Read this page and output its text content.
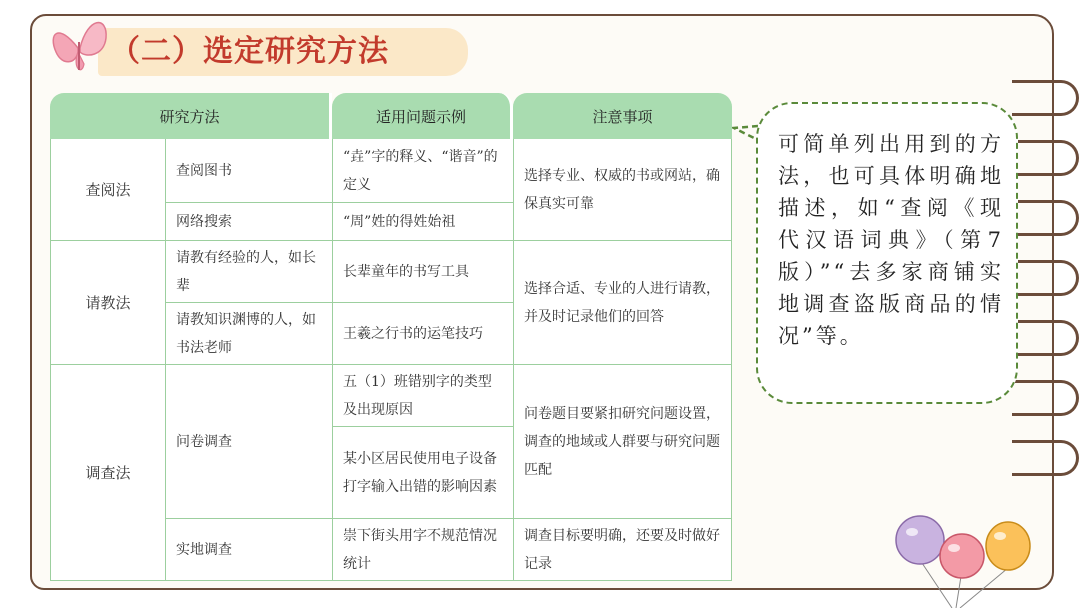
（二）选定研究方法
研究方法		适用问题示例	注意事项
查阅法	查阅图书	“垚”字的释义、“谐音”的定义	选择专业、权威的书或网站，确保真实可靠
	网络搜索	“周”姓的得姓始祖	
请教法	请教有经验的人，如长辈	长辈童年的书写工具	选择合适、专业的人进行请教，并及时记录他们的回答
	请教知识渊博的人，如书法老师	王羲之行书的运笔技巧	
调查法	问卷调查	五（1）班错别字的类型及出现原因	问卷题目要紧扣研究问题设置，调查的地域或人群要与研究问题匹配
		某小区居民使用电子设备打字输入出错的影响因素	
	实地调查	崇下街头用字不规范情况统计	调查目标要明确，还要及时做好记录
可简单列出用到的方法，也可具体明确地描述，如“查阅《现代汉语词典》（第7版）”“去多家商铺实地调查盗版商品的情况”等。
